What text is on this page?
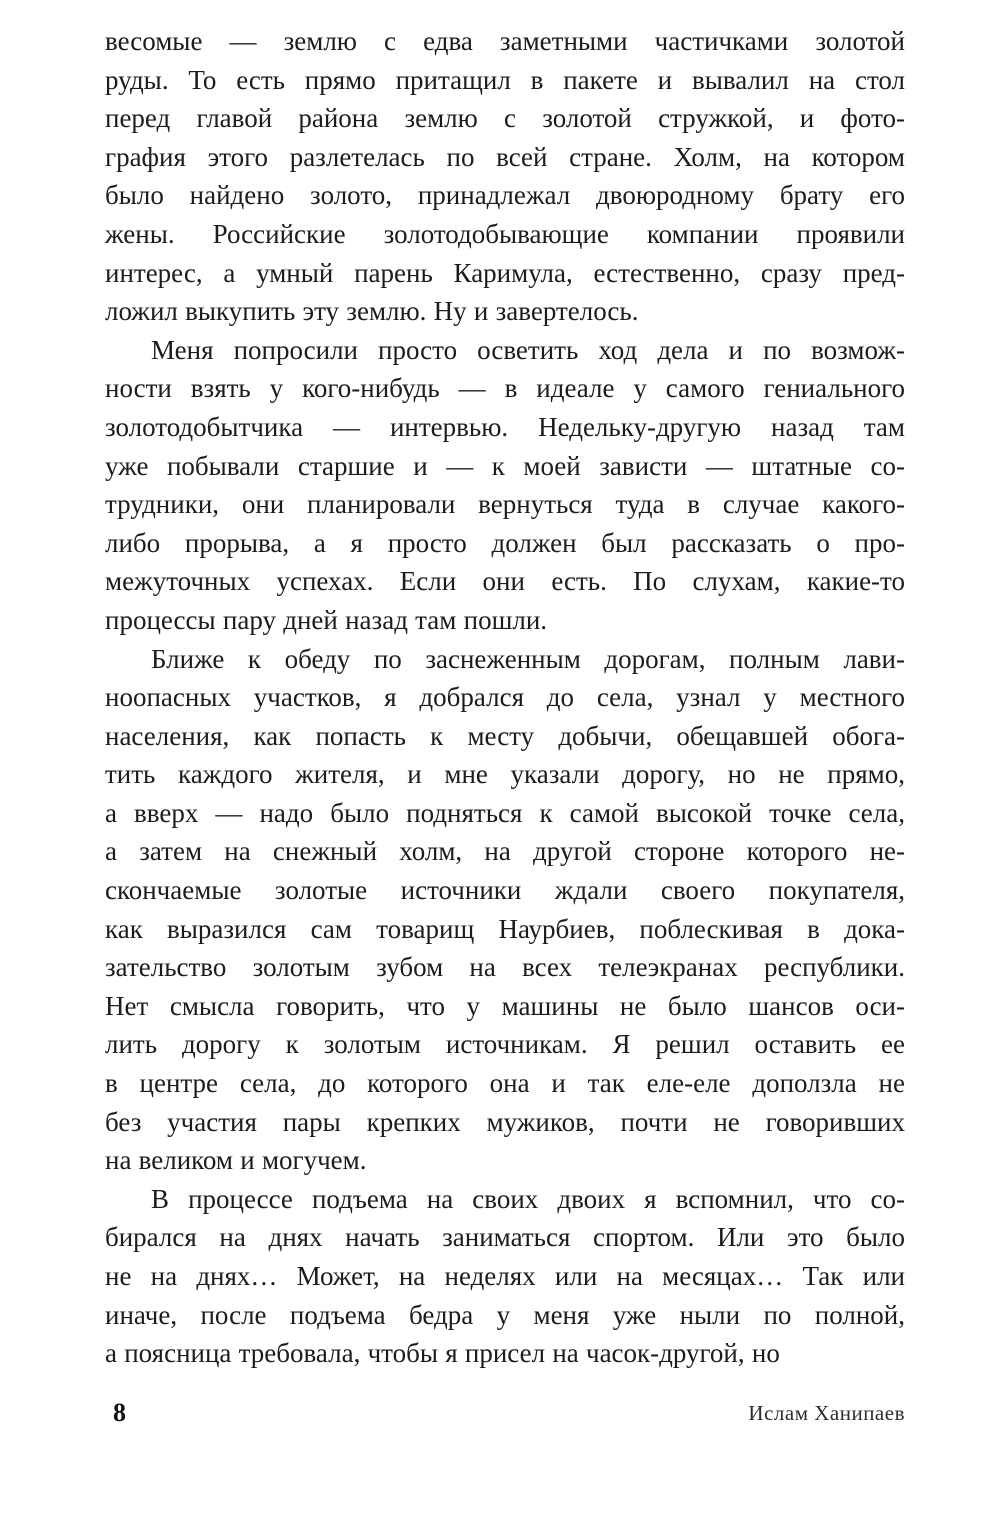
весомые — землю с едва заметными частичками золотой
руды. То есть прямо притащил в пакете и вывалил на стол
перед главой района землю с золотой стружкой, и фото-
графия этого разлетелась по всей стране. Холм, на котором
было найдено золото, принадлежал двоюродному брату его
жены. Российские золотодобывающие компании проявили
интерес, а умный парень Каримула, естественно, сразу пред-
ложил выкупить эту землю. Ну и завертелось.
Меня попросили просто осветить ход дела и по возмож-
ности взять у кого-нибудь — в идеале у самого гениального
золотодобытчика — интервью. Недельку-другую назад там
уже побывали старшие и — к моей зависти — штатные со-
трудники, они планировали вернуться туда в случае какого-
либо прорыва, а я просто должен был рассказать о про-
межуточных успехах. Если они есть. По слухам, какие-то
процессы пару дней назад там пошли.
Ближе к обеду по заснеженным дорогам, полным лави-
ноопасных участков, я добрался до села, узнал у местного
населения, как попасть к месту добычи, обещавшей обога-
тить каждого жителя, и мне указали дорогу, но не прямо,
а вверх — надо было подняться к самой высокой точке села,
а затем на снежный холм, на другой стороне которого не-
скончаемые золотые источники ждали своего покупателя,
как выразился сам товарищ Наурбиев, поблескивая в дока-
зательство золотым зубом на всех телеэкранах республики.
Нет смысла говорить, что у машины не было шансов оси-
лить дорогу к золотым источникам. Я решил оставить ее
в центре села, до которого она и так еле-еле доползла не
без участия пары крепких мужиков, почти не говоривших
на великом и могучем.
В процессе подъема на своих двоих я вспомнил, что со-
бирался на днях начать заниматься спортом. Или это было
не на днях… Может, на неделях или на месяцах… Так или
иначе, после подъема бедра у меня уже ныли по полной,
а поясница требовала, чтобы я присел на часок-другой, но
8	Ислам Ханипаев
